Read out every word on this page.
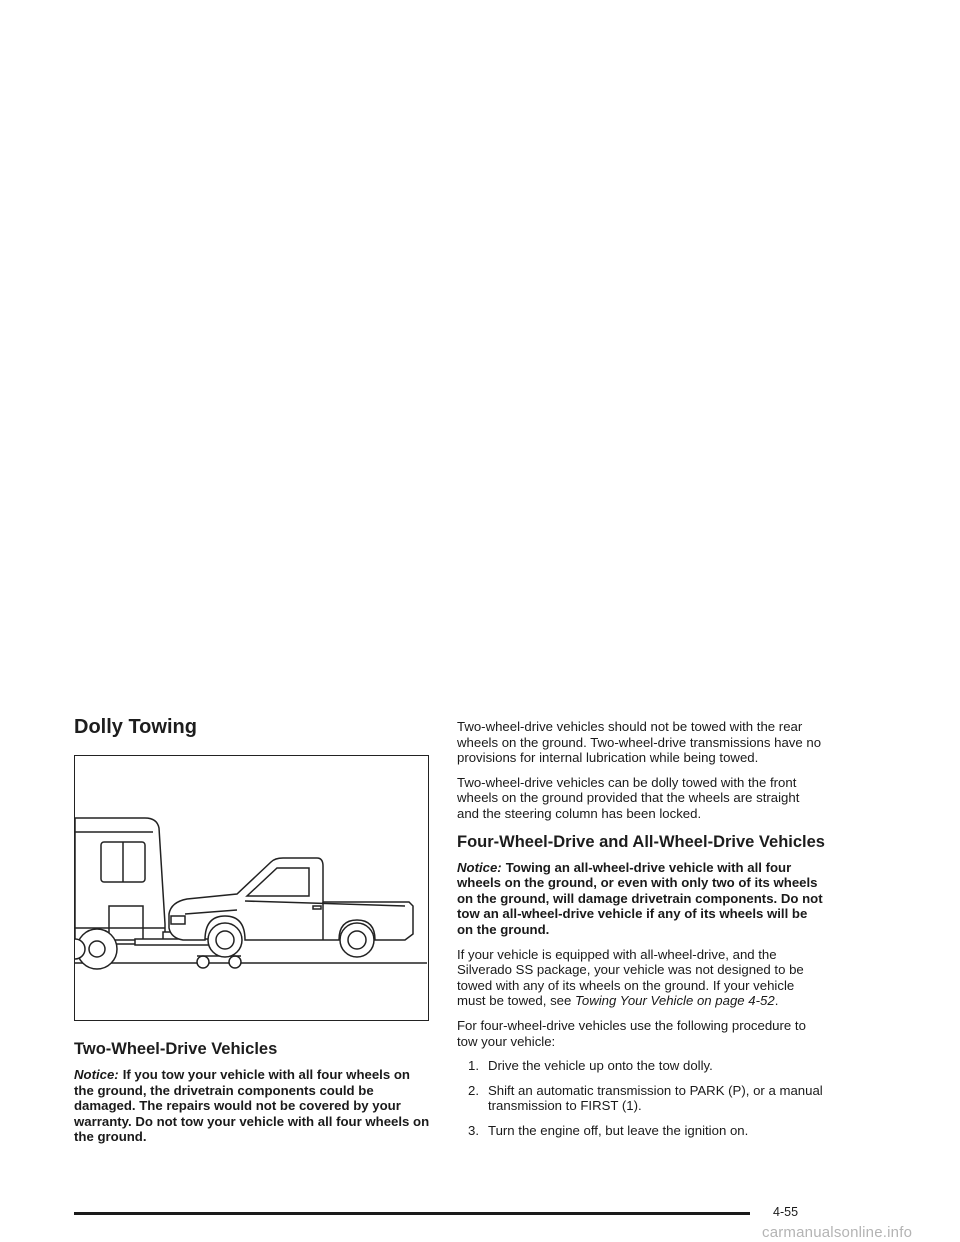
Dolly Towing
Two-Wheel-Drive Vehicles

Notice: If you tow your vehicle with all four wheels on the ground, the drivetrain components could be damaged. The repairs would not be covered by your warranty. Do not tow your vehicle with all four wheels on the ground.

Two-wheel-drive vehicles should not be towed with the rear wheels on the ground. Two-wheel-drive transmissions have no provisions for internal lubrication while being towed.

Two-wheel-drive vehicles can be dolly towed with the front wheels on the ground provided that the wheels are straight and the steering column has been locked.

Four-Wheel-Drive and All-Wheel-Drive Vehicles

Notice: Towing an all-wheel-drive vehicle with all four wheels on the ground, or even with only two of its wheels on the ground, will damage drivetrain components. Do not tow an all-wheel-drive vehicle if any of its wheels will be on the ground.

If your vehicle is equipped with all-wheel-drive, and the Silverado SS package, your vehicle was not designed to be towed with any of its wheels on the ground. If your vehicle must be towed, see Towing Your Vehicle on page 4-52.

For four-wheel-drive vehicles use the following procedure to tow your vehicle:

1. Drive the vehicle up onto the tow dolly.
2. Shift an automatic transmission to PARK (P), or a manual transmission to FIRST (1).
3. Turn the engine off, but leave the ignition on.
4-55
carmanualsonline.info
